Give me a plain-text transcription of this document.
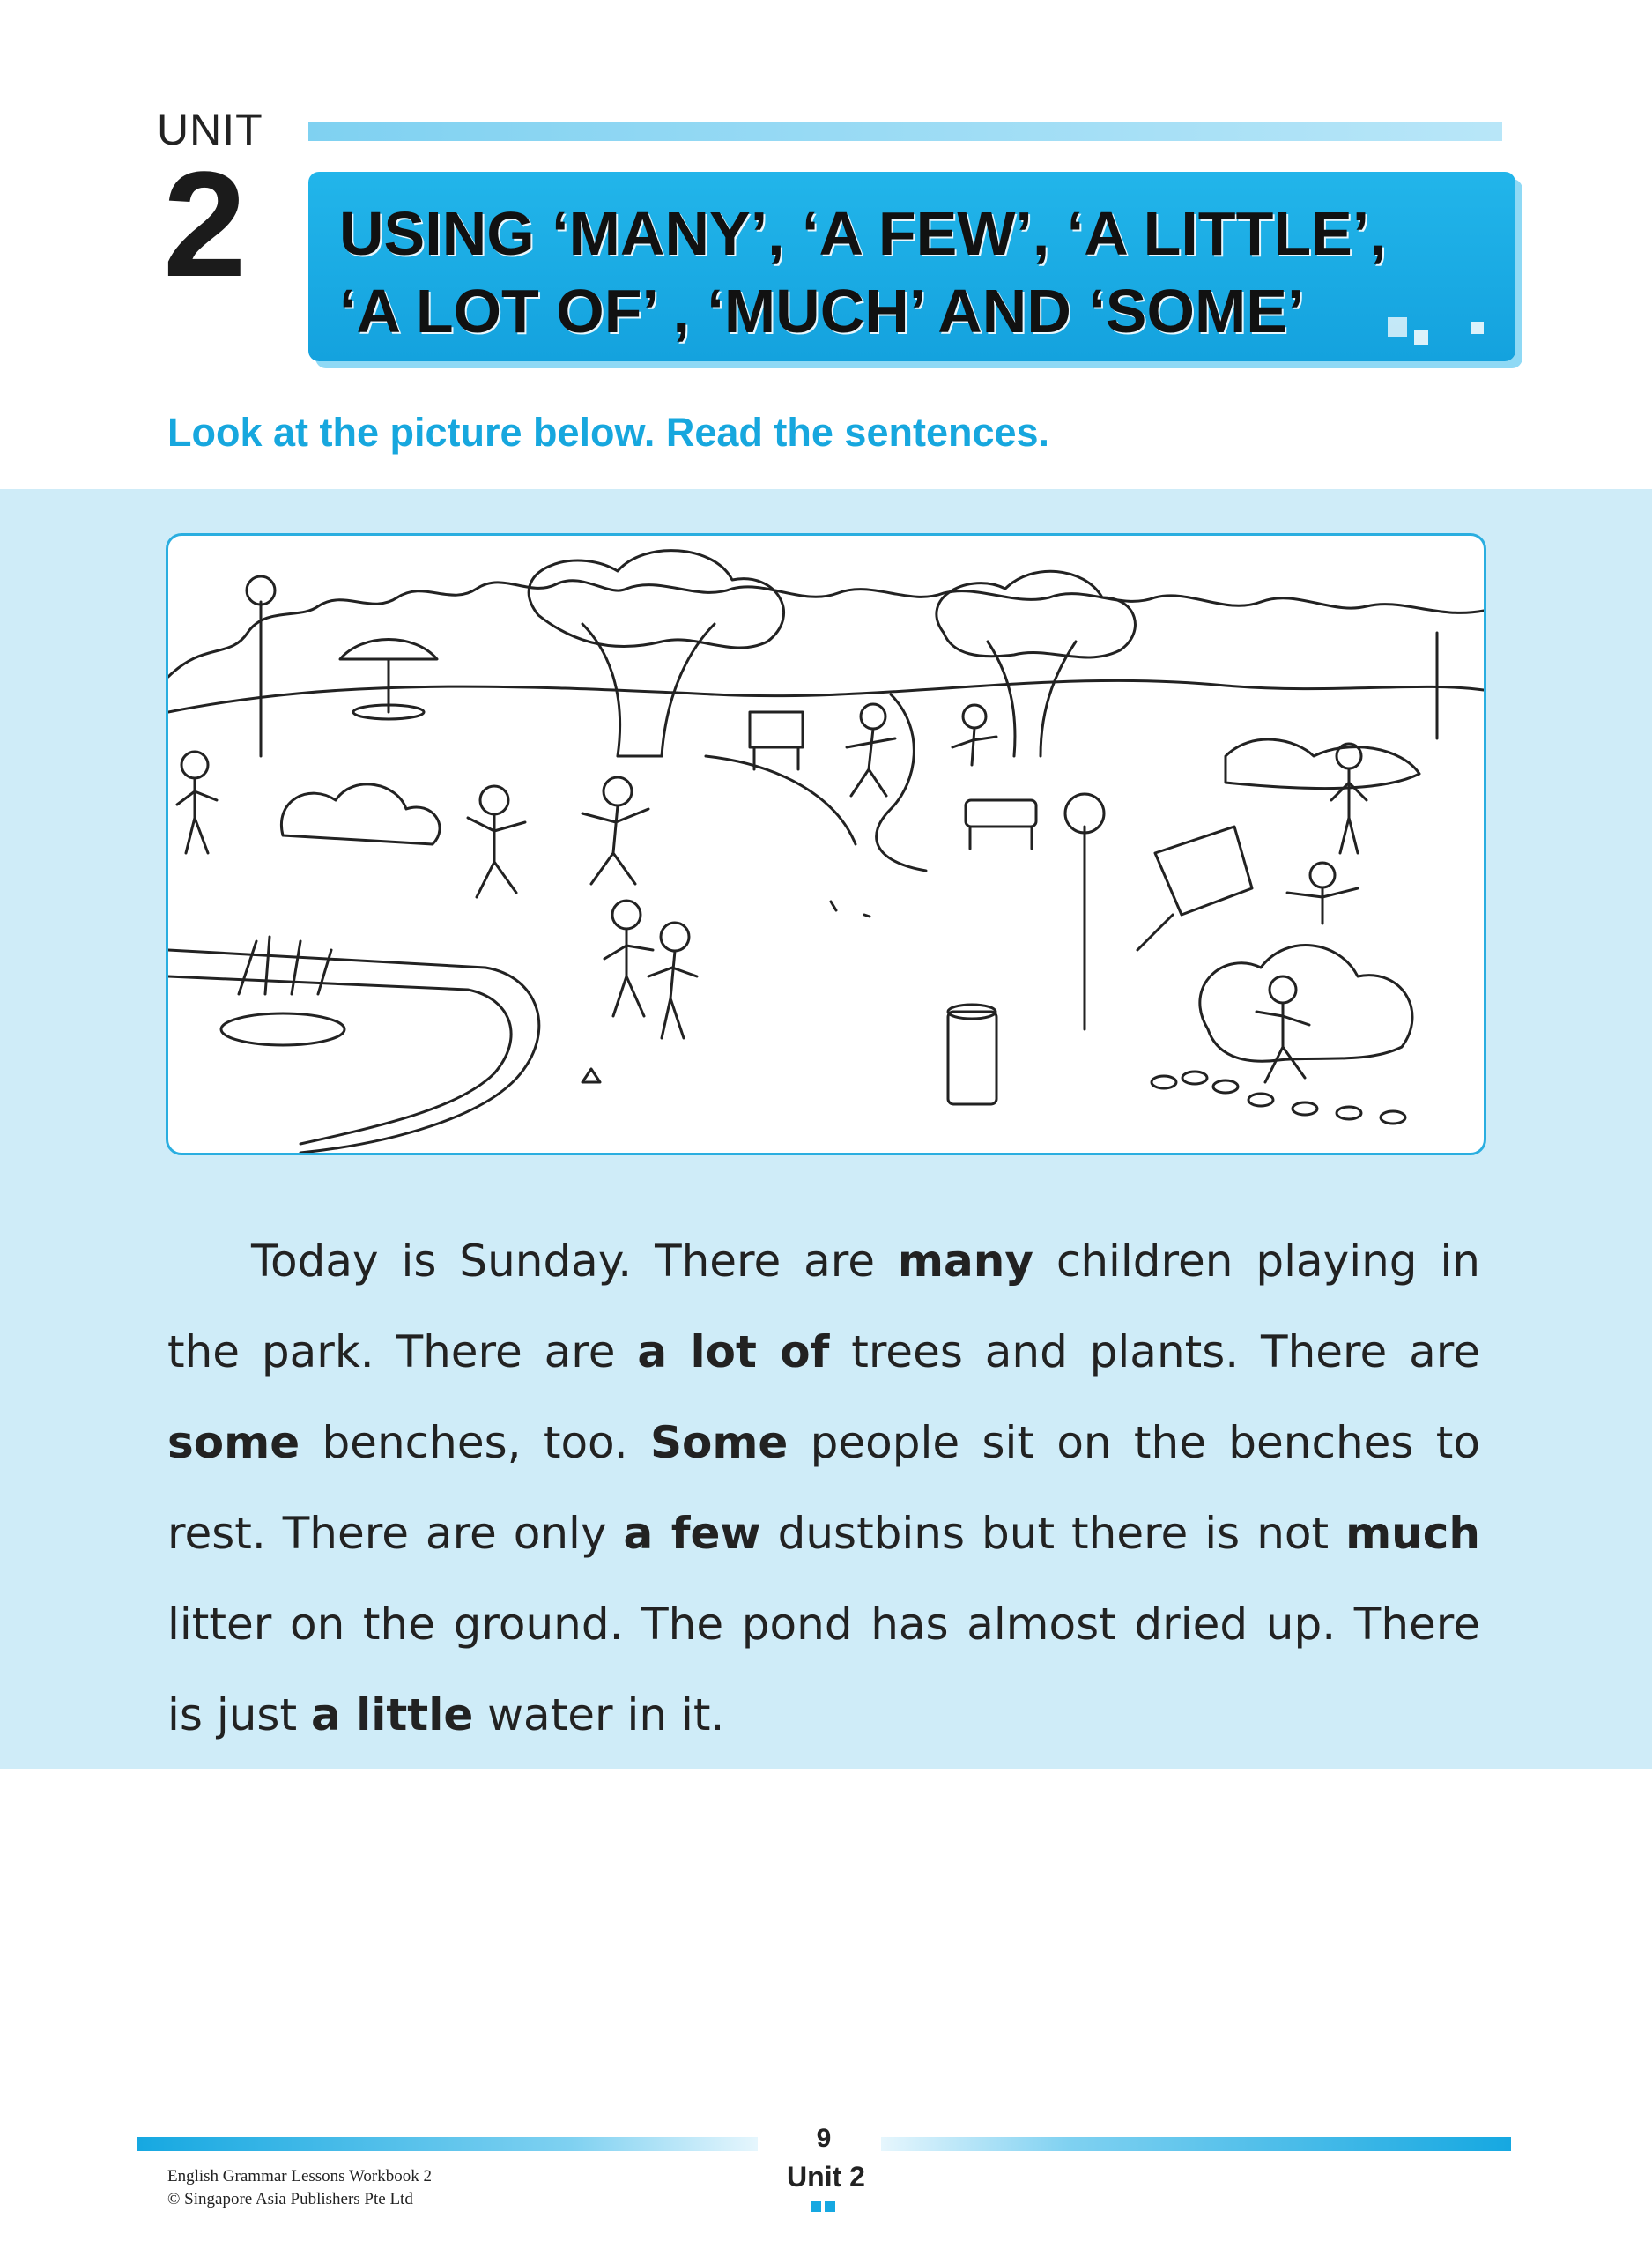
UNIT
2 USING ‘MANY’, ‘A FEW’, ‘A LITTLE’,
‘A LOT OF’ , ‘MUCH’ AND ‘SOME’
Look at the picture below. Read the sentences.
Today is Sunday. There are many children playing in the park. There are a lot of trees and plants. There are some benches, too. Some people sit on the benches to rest. There are only a few dustbins but there is not much litter on the ground. The pond has almost dried up. There is just a little water in it.
9
Unit 2
English Grammar Lessons Workbook 2
© Singapore Asia Publishers Pte Ltd
